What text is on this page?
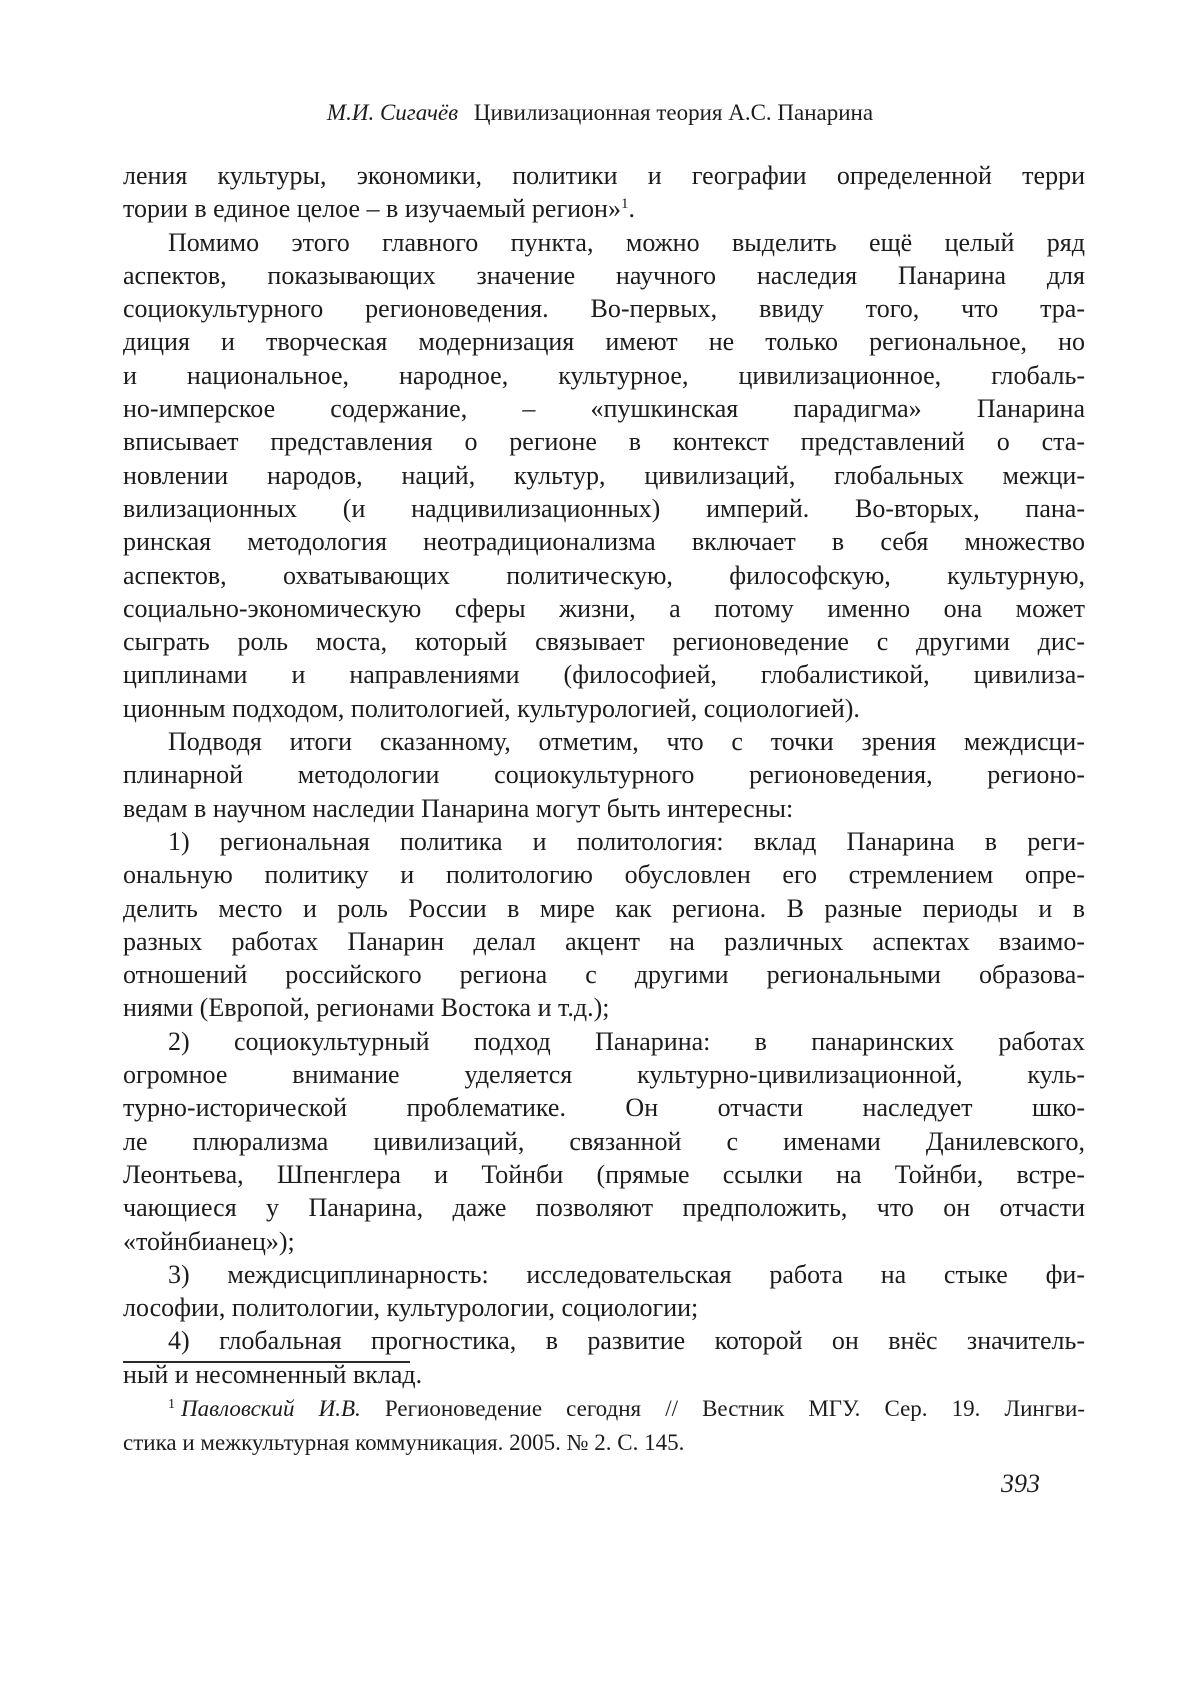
М.И. Сигачёв Цивилизационная теория А.С. Панарина
ления культуры, экономики, политики и географии определенной терри
тории в единое целое – в изучаемый регион»$^1$.
Помимо этого главного пункта, можно выделить ещё целый ряд
аспектов, показывающих значение научного наследия Панарина для
социокультурного регионоведения. Во-первых, ввиду того, что тра-
диция и творческая модернизация имеют не только региональное, но
и национальное, народное, культурное, цивилизационное, глобаль-
но-имперское содержание, – «пушкинская парадигма» Панарина
вписывает представления о регионе в контекст представлений о ста-
новлении народов, наций, культур, цивилизаций, глобальных межци-
вилизационных (и надцивилизационных) империй. Во-вторых, пана-
ринская методология неотрадиционализма включает в себя множество
аспектов, охватывающих политическую, философскую, культурную,
социально-экономическую сферы жизни, а потому именно она может
сыграть роль моста, который связывает регионоведение с другими дис-
циплинами и направлениями (философией, глобалистикой, цивилиза-
ционным подходом, политологией, культурологией, социологией).
Подводя итоги сказанному, отметим, что с точки зрения междисци-
плинарной методологии социокультурного регионоведения, регионо-
ведам в научном наследии Панарина могут быть интересны:
1) региональная политика и политология: вклад Панарина в реги-
ональную политику и политологию обусловлен его стремлением опре-
делить место и роль России в мире как региона. В разные периоды и в
разных работах Панарин делал акцент на различных аспектах взаимо-
отношений российского региона с другими региональными образова-
ниями (Европой, регионами Востока и т.д.);
2) социокультурный подход Панарина: в панаринских работах
огромное внимание уделяется культурно-цивилизационной, куль-
турно-исторической проблематике. Он отчасти наследует шко-
ле плюрализма цивилизаций, связанной с именами Данилевского,
Леонтьева, Шпенглера и Тойнби (прямые ссылки на Тойнби, встре-
чающиеся у Панарина, даже позволяют предположить, что он отчасти
«тойнбианец»);
3) междисциплинарность: исследовательская работа на стыке фи-
лософии, политологии, культурологии, социологии;
4) глобальная прогностика, в развитие которой он внёс значитель-
ный и несомненный вклад.
$^1$ Павловский И.В. Регионоведение сегодня // Вестник МГУ. Сер. 19. Лингви-
стика и межкультурная коммуникация. 2005. № 2. С. 145.
393
